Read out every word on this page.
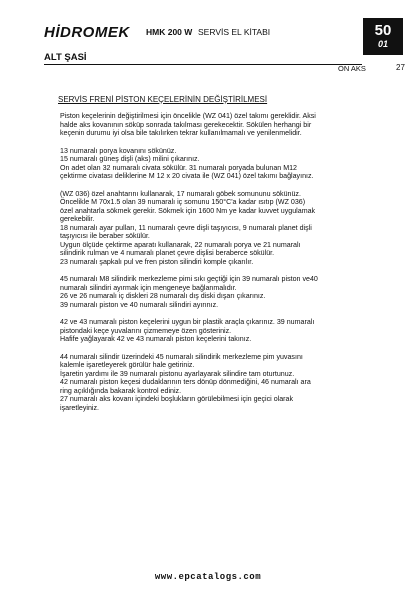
HİDROMEK HMK 200 W SERVİS EL KİTABI	50
01
ALT ŞASİ
ÖN AKS	27
SERVİS FRENİ PİSTON KEÇELERİNİN DEĞİŞTİRİLMESİ

Piston keçelerinin değiştirilmesi için öncelikle (WZ 041) özel takımı gereklidir. Aksi
halde aks kovanının söküp sonrada takılması gerekecektir. Sökülen herhangi bir
keçenin durumu iyi olsa bile takılırken tekrar kullanılmamalı ve yenilenmelidir.

13 numaralı porya kovanını sökünüz.
15 numaralı güneş dişli (aks) milini çıkarınız.
On adet olan 32 numaralı civata sökülür. 31 numaralı poryada bulunan M12
çektirme civatası deliklerine M 12 x 20 civata ile (WZ 041) özel takımı bağlayınız.

(WZ 036) özel anahtarını kullanarak, 17 numaralı göbek somununu sökünüz.
Öncelikle M 70x1.5 olan 39 numaralı iç somunu 150°C'a kadar ısıtıp (WZ 036)
özel anahtarla sökmek gerekir. Sökmek için 1600 Nm ye kadar kuvvet uygulamak
gerekebilir.
18 numaralı ayar pulları, 11 numaralı çevre dişli taşıyıcısı, 9 numaralı planet dişli
taşıyıcısı ile beraber sökülür.
Uygun ölçüde çektirme aparatı kullanarak, 22 numaralı porya ve 21 numaralı
silindirik rulman ve 4 numaralı planet çevre dişlisi beraberce sökülür.
23 numaralı şapkalı pul ve fren piston silindiri komple çıkarılır.

45 numaralı M8 silindirik merkezleme pimi sıkı geçtiği için 39 numaralı piston ve40
numaralı silindiri ayırmak için mengeneye bağlanmalıdır.
26 ve 26 numaralı iç diskleri 28 numaralı dış diski dışarı çıkarınız.
39 numaralı piston ve 40 numaralı silindiri ayırınız.

42 ve 43 numaralı piston keçelerini uygun bir plastik araçla çıkarınız. 39 numaralı
pistondaki keçe yuvalarını çizmemeye özen gösteriniz.
Hafife yağlayarak 42 ve 43 numaralı piston keçelerini takınız.

44 numaralı silindir üzerindeki 45 numaralı silindirik merkezleme pim yuvasını
kalemle işaretleyerek görülür hale getiriniz.
İşaretin yardımı ile 39 numaralı pistonu ayarlayarak silindire tam oturtunuz.
42 numaralı piston keçesi dudaklarının ters dönüp dönmediğini, 46 numaralı ara
ring açıklığında bakarak kontrol ediniz.
27 numaralı aks kovanı içindeki boşlukların görülebilmesi için geçici olarak
işaretleyiniz.

www.epcatalogs.com
